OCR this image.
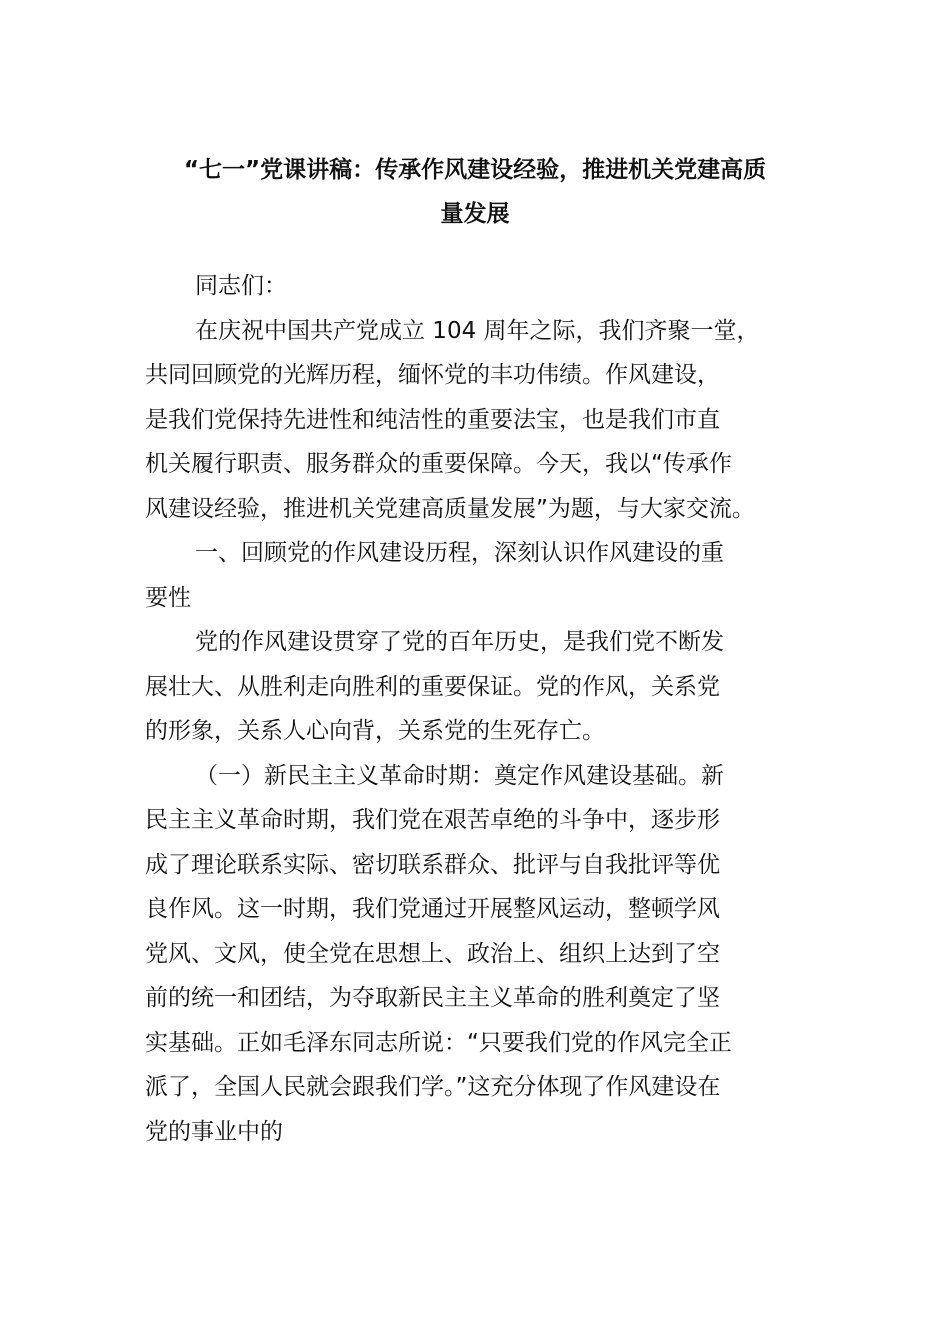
“七一”党课讲稿：传承作风建设经验，推进机关党建高质
量发展
同志们：
在庆祝中国共产党成立 104 周年之际，我们齐聚一堂，
共同回顾党的光辉历程，缅怀党的丰功伟绩。作风建设，
是我们党保持先进性和纯洁性的重要法宝，也是我们市直
机关履行职责、服务群众的重要保障。今天，我以“传承作
风建设经验，推进机关党建高质量发展”为题，与大家交流。
一、回顾党的作风建设历程，深刻认识作风建设的重
要性
党的作风建设贯穿了党的百年历史，是我们党不断发
展壮大、从胜利走向胜利的重要保证。党的作风，关系党
的形象，关系人心向背，关系党的生死存亡。
（一）新民主主义革命时期：奠定作风建设基础。新
民主主义革命时期，我们党在艰苦卓绝的斗争中，逐步形
成了理论联系实际、密切联系群众、批评与自我批评等优
良作风。这一时期，我们党通过开展整风运动，整顿学风
党风、文风，使全党在思想上、政治上、组织上达到了空
前的统一和团结，为夺取新民主主义革命的胜利奠定了坚
实基础。正如毛泽东同志所说：“只要我们党的作风完全正
派了，全国人民就会跟我们学。”这充分体现了作风建设在
党的事业中的
